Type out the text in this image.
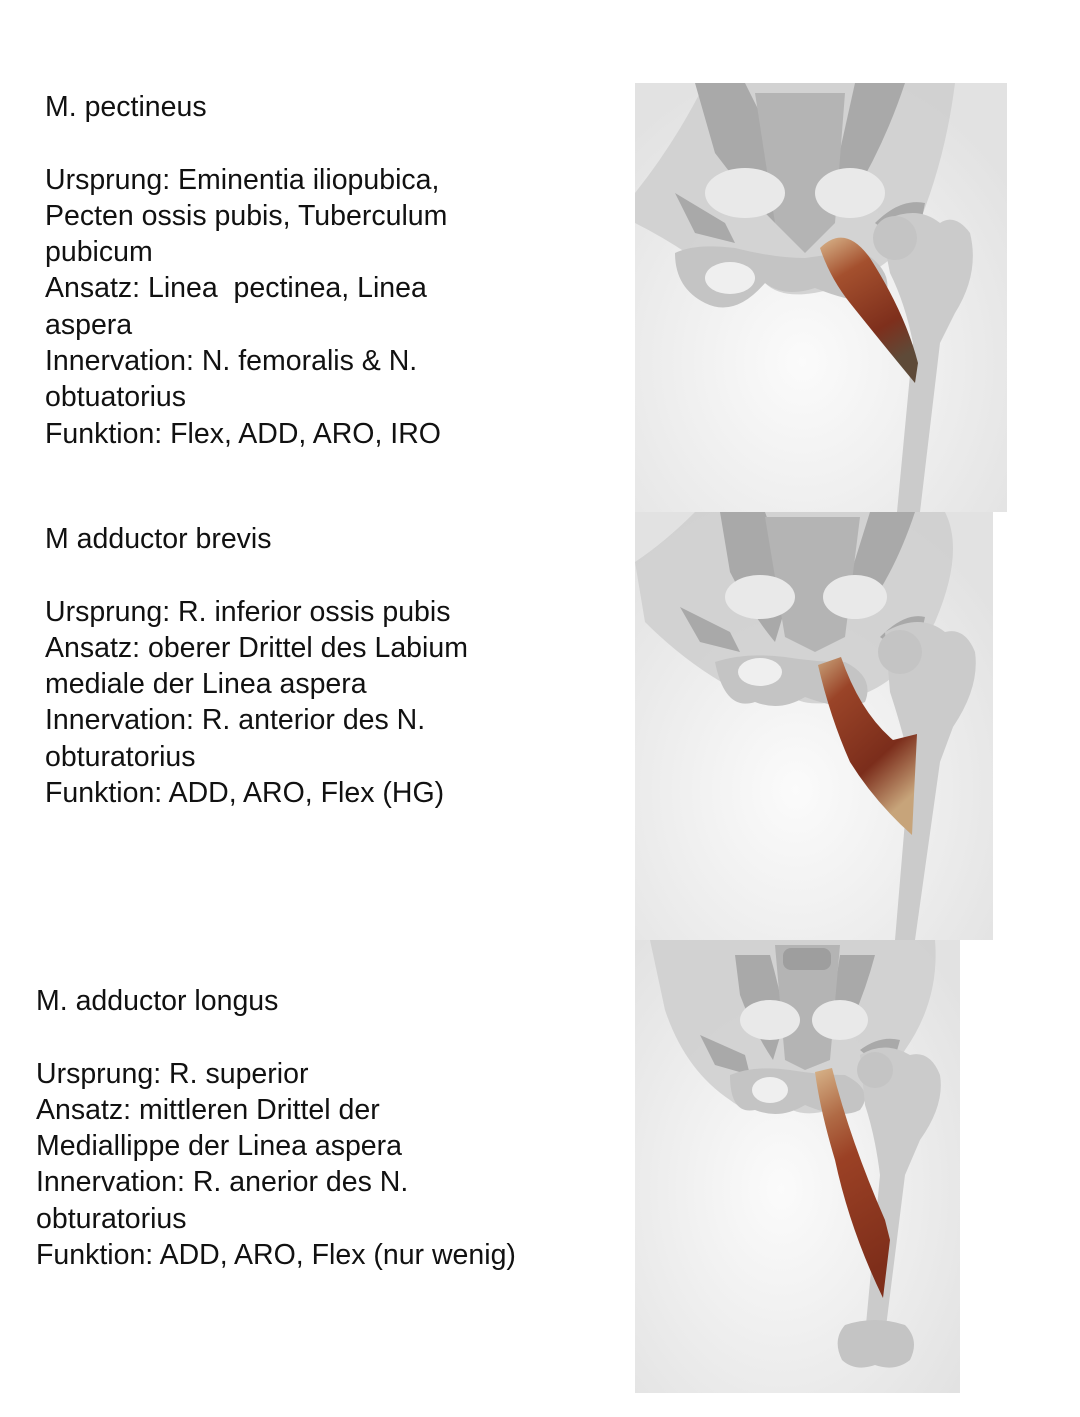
M. pectineus
Ursprung: Eminentia iliopubica,
Pecten ossis pubis, Tuberculum
pubicum
Ansatz: Linea  pectinea, Linea
aspera
Innervation: N. femoralis & N.
obtuatorius
Funktion: Flex, ADD, ARO, IRO
M adductor brevis
Ursprung: R. inferior ossis pubis
Ansatz: oberer Drittel des Labium
mediale der Linea aspera
Innervation: R. anterior des N.
obturatorius
Funktion: ADD, ARO, Flex (HG)
M. adductor longus
Ursprung: R. superior
Ansatz: mittleren Drittel der
Mediallippe der Linea aspera
Innervation: R. anerior des N.
obturatorius
Funktion: ADD, ARO, Flex (nur wenig)
